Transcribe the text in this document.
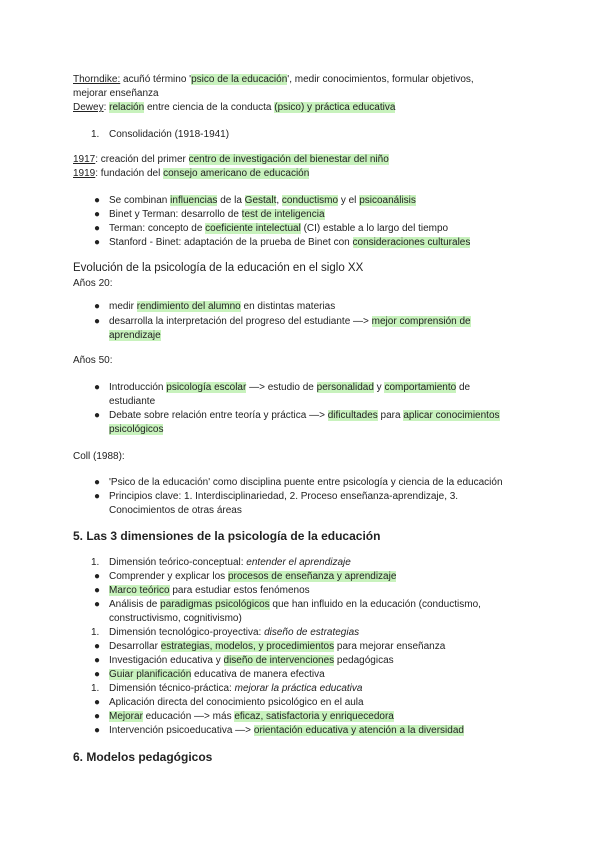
Thorndike: acuñó término 'psico de la educación', medir conocimientos, formular objetivos,
mejorar enseñanza
Dewey: relación entre ciencia de la conducta (psico) y práctica educativa
1. Consolidación (1918-1941)
1917: creación del primer centro de investigación del bienestar del niño
1919: fundación del consejo americano de educación
● Se combinan influencias de la Gestalt, conductismo y el psicoanálisis
● Binet y Terman: desarrollo de test de inteligencia
● Terman: concepto de coeficiente intelectual (CI) estable a lo largo del tiempo
● Stanford - Binet: adaptación de la prueba de Binet con consideraciones culturales
Evolución de la psicología de la educación en el siglo XX
Años 20:
● medir rendimiento del alumno en distintas materias
● desarrolla la interpretación del progreso del estudiante —> mejor comprensión de
aprendizaje
Años 50:
● Introducción psicología escolar —> estudio de personalidad y comportamiento de
estudiante
● Debate sobre relación entre teoría y práctica —> dificultades para aplicar conocimientos
psicológicos
Coll (1988):
● 'Psico de la educación' como disciplina puente entre psicología y ciencia de la educación
● Principios clave: 1. Interdisciplinariedad, 2. Proceso enseñanza-aprendizaje, 3.
Conocimientos de otras áreas
5. Las 3 dimensiones de la psicología de la educación
1. Dimensión teórico-conceptual: entender el aprendizaje
● Comprender y explicar los procesos de enseñanza y aprendizaje
● Marco teórico para estudiar estos fenómenos
● Análisis de paradigmas psicológicos que han influido en la educación (conductismo,
constructivismo, cognitivismo)
1. Dimensión tecnológico-proyectiva: diseño de estrategias
● Desarrollar estrategias, modelos, y procedimientos para mejorar enseñanza
● Investigación educativa y diseño de intervenciones pedagógicas
● Guiar planificación educativa de manera efectiva
1. Dimensión técnico-práctica: mejorar la práctica educativa
● Aplicación directa del conocimiento psicológico en el aula
● Mejorar educación —> más eficaz, satisfactoria y enriquecedora
● Intervención psicoeducativa —> orientación educativa y atención a la diversidad
6. Modelos pedagógicos
